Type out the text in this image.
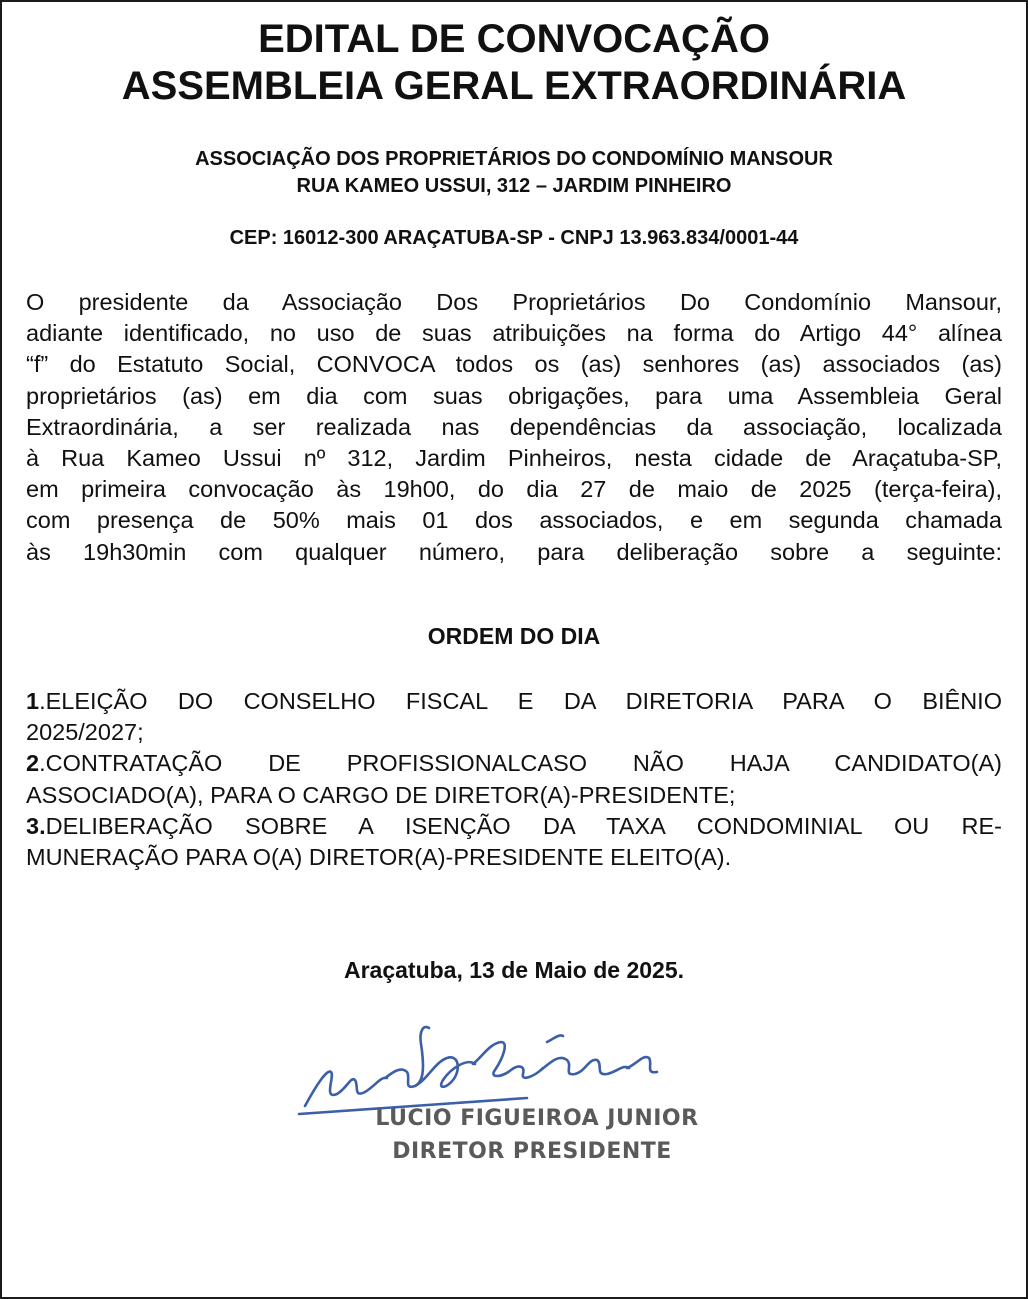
EDITAL DE CONVOCAÇÃO
ASSEMBLEIA GERAL EXTRAORDINÁRIA
ASSOCIAÇÃO DOS PROPRIETÁRIOS DO CONDOMÍNIO MANSOUR
RUA KAMEO USSUI, 312 – JARDIM PINHEIRO
CEP: 16012-300 ARAÇATUBA-SP - CNPJ 13.963.834/0001-44

O presidente da Associação Dos Proprietários Do Condomínio Mansour,
adiante identificado, no uso de suas atribuições na forma do Artigo 44° alínea
“f” do Estatuto Social, CONVOCA todos os (as) senhores (as) associados (as)
proprietários (as) em dia com suas obrigações, para uma Assembleia Geral
Extraordinária, a ser realizada nas dependências da associação, localizada
à Rua Kameo Ussui nº 312, Jardim Pinheiros, nesta cidade de Araçatuba-SP,
em primeira convocação às 19h00, do dia 27 de maio de 2025 (terça-feira),
com presença de 50% mais 01 dos associados, e em segunda chamada
às 19h30min com qualquer número, para deliberação sobre a seguinte:

ORDEM DO DIA
1.ELEIÇÃO DO CONSELHO FISCAL E DA DIRETORIA PARA O BIÊNIO
2025/2027;
2.CONTRATAÇÃO DE PROFISSIONALCASO NÃO HAJA CANDIDATO(A)
ASSOCIADO(A), PARA O CARGO DE DIRETOR(A)-PRESIDENTE;
3.DELIBERAÇÃO SOBRE A ISENÇÃO DA TAXA CONDOMINIAL OU RE-
MUNERAÇÃO PARA O(A) DIRETOR(A)-PRESIDENTE ELEITO(A).

Araçatuba, 13 de Maio de 2025.

LUCIO FIGUEIROA JUNIOR
DIRETOR PRESIDENTE
